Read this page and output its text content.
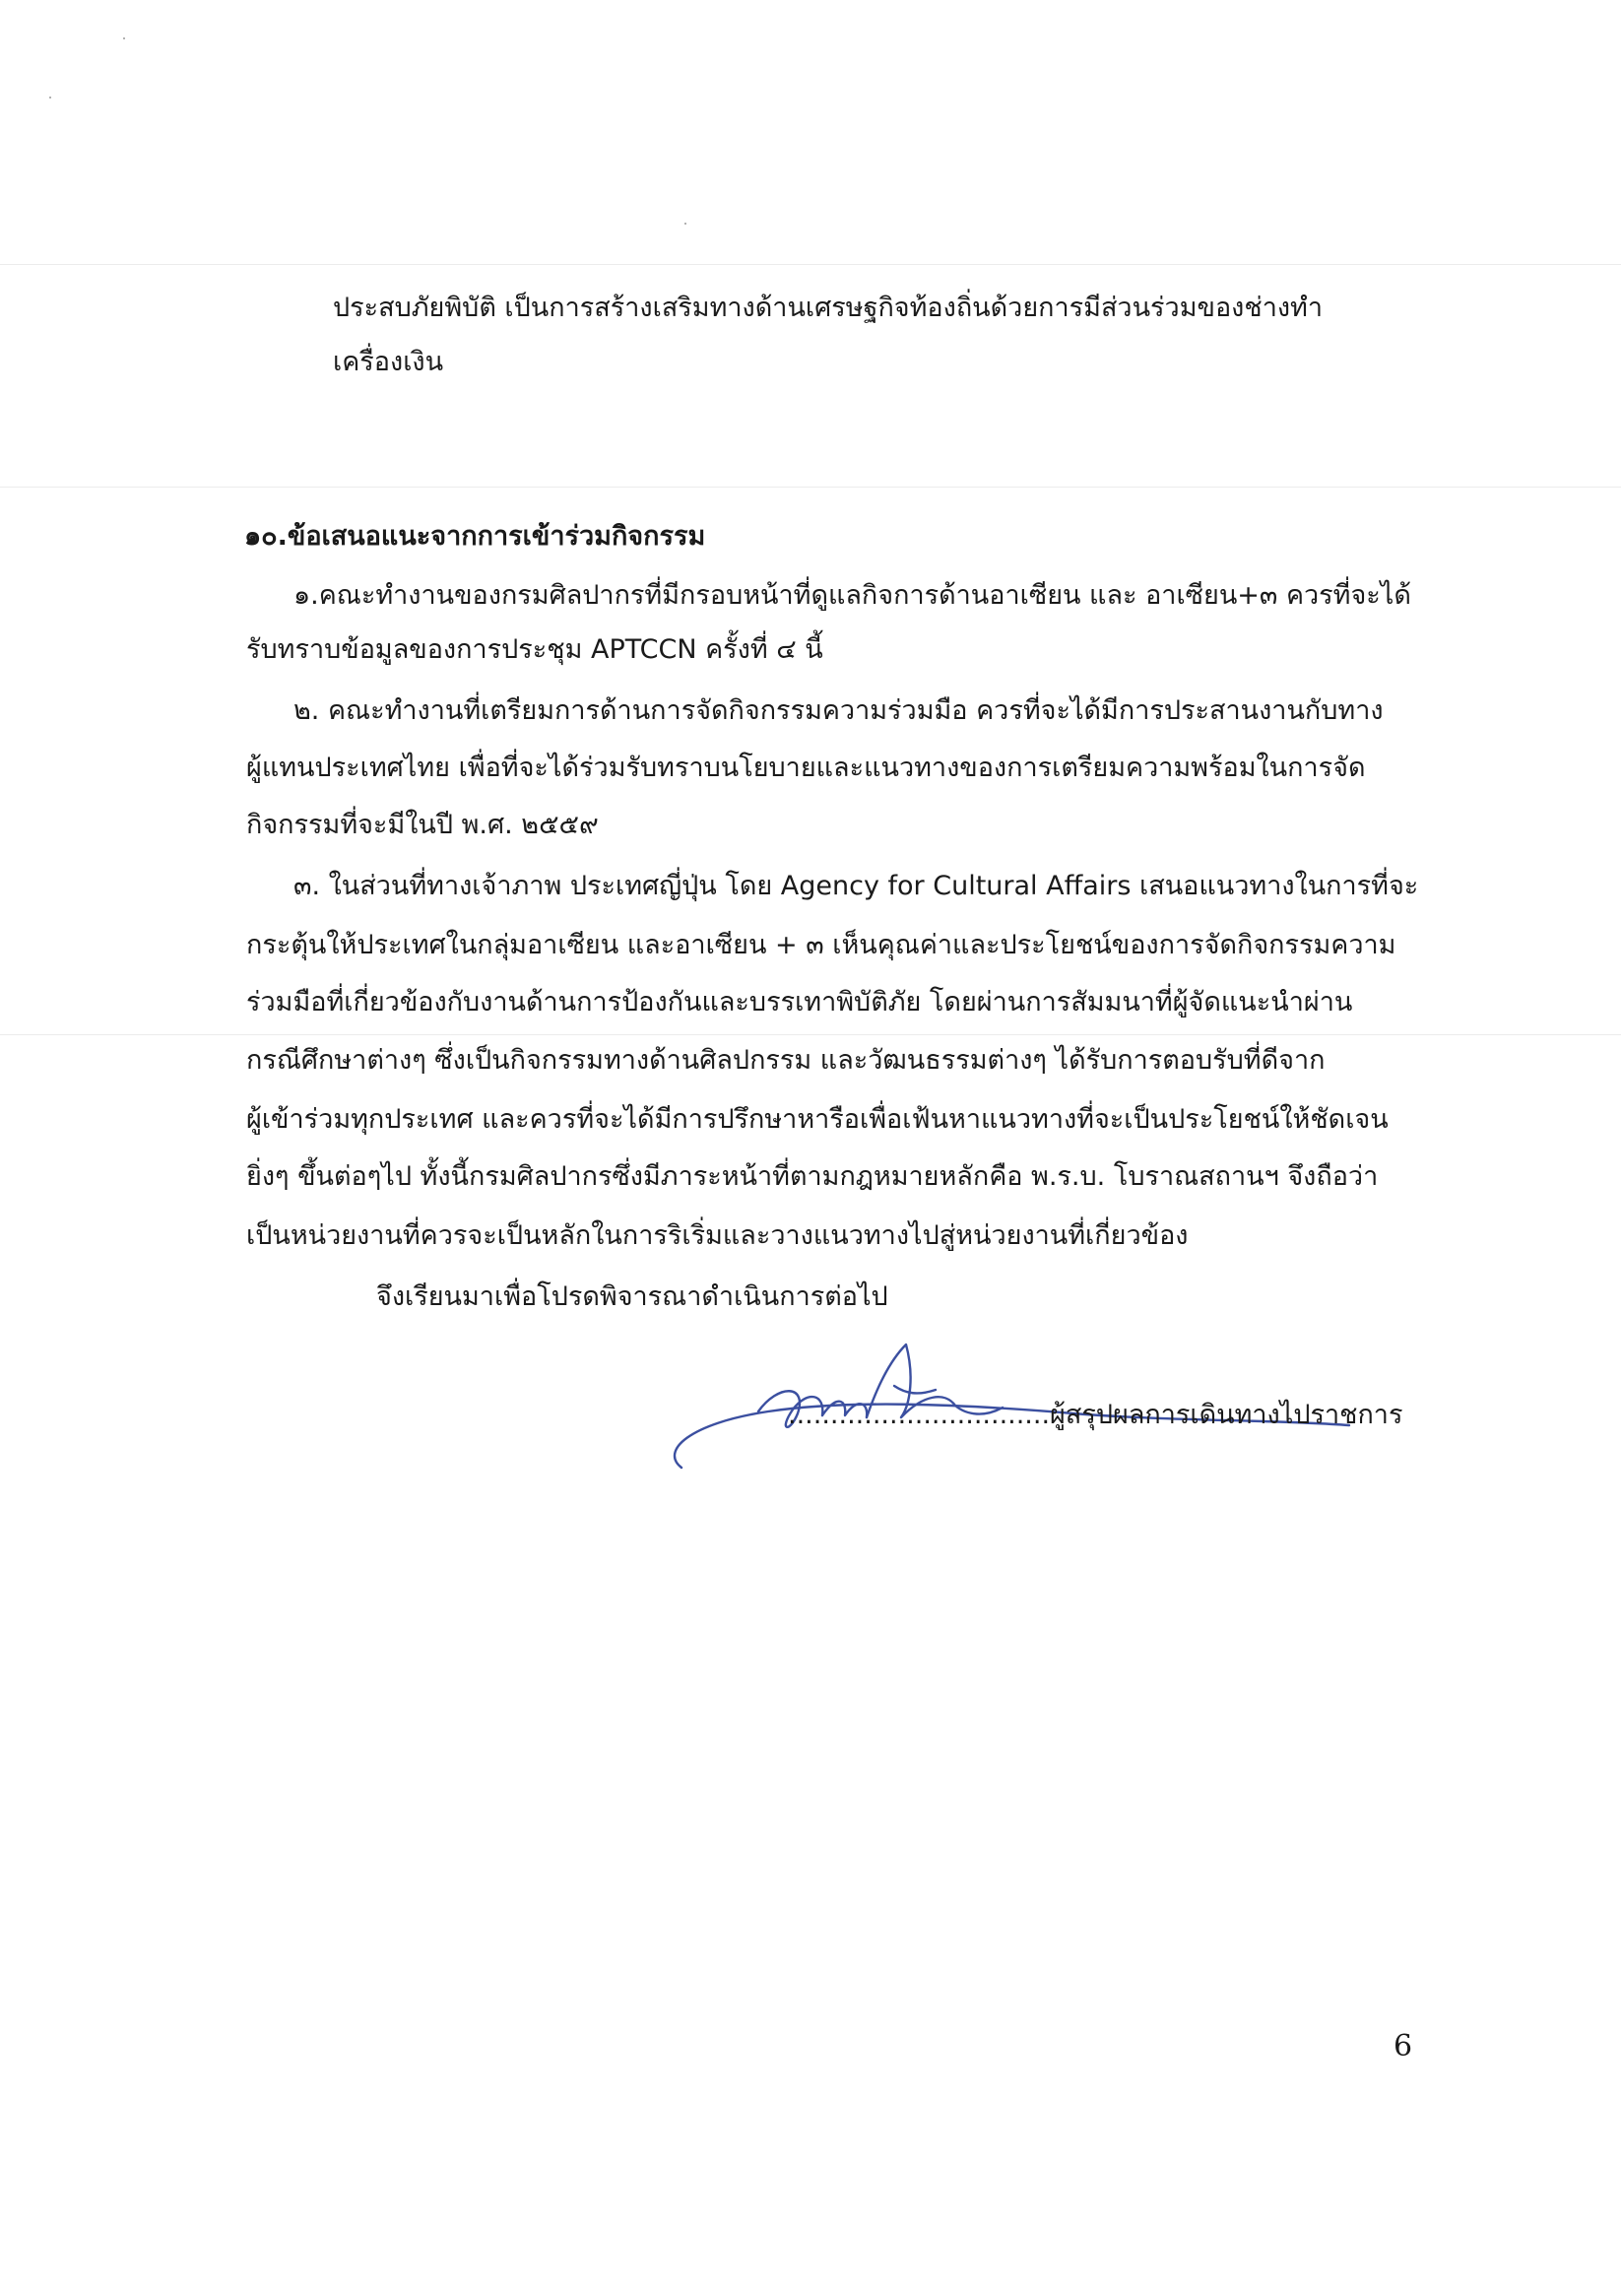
ประสบภัยพิบัติ เป็นการสร้างเสริมทางด้านเศรษฐกิจท้องถิ่นด้วยการมีส่วนร่วมของช่างทำ
เครื่องเงิน
๑๐.ข้อเสนอแนะจากการเข้าร่วมกิจกรรม
๑.คณะทำงานของกรมศิลปากรที่มีกรอบหน้าที่ดูแลกิจการด้านอาเซียน และ อาเซียน+๓ ควรที่จะได้
รับทราบข้อมูลของการประชุม APTCCN ครั้งที่ ๔ นี้
๒. คณะทำงานที่เตรียมการด้านการจัดกิจกรรมความร่วมมือ ควรที่จะได้มีการประสานงานกับทาง
ผู้แทนประเทศไทย เพื่อที่จะได้ร่วมรับทราบนโยบายและแนวทางของการเตรียมความพร้อมในการจัด
กิจกรรมที่จะมีในปี พ.ศ. ๒๕๕๙
๓. ในส่วนที่ทางเจ้าภาพ ประเทศญี่ปุ่น โดย Agency for Cultural Affairs เสนอแนวทางในการที่จะ
กระตุ้นให้ประเทศในกลุ่มอาเซียน และอาเซียน + ๓ เห็นคุณค่าและประโยชน์ของการจัดกิจกรรมความ
ร่วมมือที่เกี่ยวข้องกับงานด้านการป้องกันและบรรเทาพิบัติภัย โดยผ่านการสัมมนาที่ผู้จัดแนะนำผ่าน
กรณีศึกษาต่างๆ ซึ่งเป็นกิจกรรมทางด้านศิลปกรรม และวัฒนธรรมต่างๆ ได้รับการตอบรับที่ดีจาก
ผู้เข้าร่วมทุกประเทศ และควรที่จะได้มีการปรึกษาหารือเพื่อเฟ้นหาแนวทางที่จะเป็นประโยชน์ให้ชัดเจน
ยิ่งๆ ขึ้นต่อๆไป ทั้งนี้กรมศิลปากรซึ่งมีภาระหน้าที่ตามกฎหมายหลักคือ พ.ร.บ. โบราณสถานฯ จึงถือว่า
เป็นหน่วยงานที่ควรจะเป็นหลักในการริเริ่มและวางแนวทางไปสู่หน่วยงานที่เกี่ยวข้อง
จึงเรียนมาเพื่อโปรดพิจารณาดำเนินการต่อไป
...............................ผู้สรุปผลการเดินทางไปราชการ
6
